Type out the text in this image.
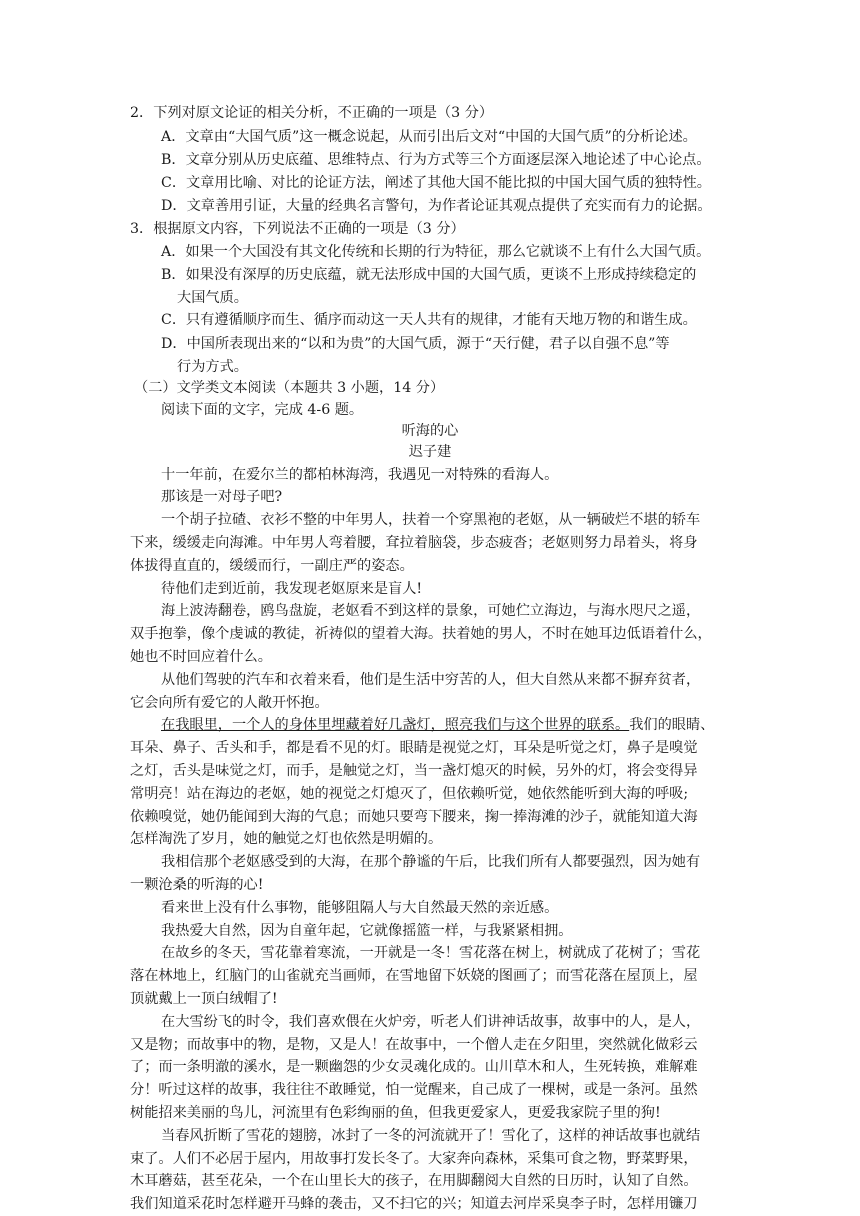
2．下列对原文论证的相关分析，不正确的一项是（3 分）
A．文章由“大国气质”这一概念说起，从而引出后文对“中国的大国气质”的分析论述。
B．文章分别从历史底蕴、思维特点、行为方式等三个方面逐层深入地论述了中心论点。
C．文章用比喻、对比的论证方法，阐述了其他大国不能比拟的中国大国气质的独特性。
D．文章善用引证，大量的经典名言警句，为作者论证其观点提供了充实而有力的论据。
3．根据原文内容，下列说法不正确的一项是（3 分）
A．如果一个大国没有其文化传统和长期的行为特征，那么它就谈不上有什么大国气质。
B．如果没有深厚的历史底蕴，就无法形成中国的大国气质，更谈不上形成持续稳定的
大国气质。
C．只有遵循顺序而生、循序而动这一天人共有的规律，才能有天地万物的和谐生成。
D．中国所表现出来的“以和为贵”的大国气质，源于“天行健，君子以自强不息”等
行为方式。
（二）文学类文本阅读（本题共 3 小题，14 分）
阅读下面的文字，完成 4-6 题。
听海的心
迟子建
十一年前，在爱尔兰的都柏林海湾，我遇见一对特殊的看海人。
那该是一对母子吧?
一个胡子拉碴、衣衫不整的中年男人，扶着一个穿黑袍的老妪，从一辆破烂不堪的轿车
下来，缓缓走向海滩。中年男人弯着腰，耷拉着脑袋，步态疲沓；老妪则努力昂着头，将身
体拔得直直的，缓缓而行，一副庄严的姿态。
待他们走到近前，我发现老妪原来是盲人!
海上波涛翻卷，鸥鸟盘旋，老妪看不到这样的景象，可她伫立海边，与海水咫尺之遥，
双手抱拳，像个虔诚的教徒，祈祷似的望着大海。扶着她的男人，不时在她耳边低语着什么，
她也不时回应着什么。
从他们驾驶的汽车和衣着来看，他们是生活中穷苦的人，但大自然从来都不摒弃贫者，
它会向所有爱它的人敞开怀抱。
在我眼里，一个人的身体里埋藏着好几盏灯，照亮我们与这个世界的联系。我们的眼睛、
耳朵、鼻子、舌头和手，都是看不见的灯。眼睛是视觉之灯，耳朵是听觉之灯，鼻子是嗅觉
之灯，舌头是味觉之灯，而手，是触觉之灯，当一盏灯熄灭的时候，另外的灯，将会变得异
常明亮！站在海边的老妪，她的视觉之灯熄灭了，但依赖听觉，她依然能听到大海的呼吸;
依赖嗅觉，她仍能闻到大海的气息；而她只要弯下腰来，掬一捧海滩的沙子，就能知道大海
怎样淘洗了岁月，她的触觉之灯也依然是明媚的。
我相信那个老妪感受到的大海，在那个静谧的午后，比我们所有人都要强烈，因为她有
一颗沧桑的听海的心!
看来世上没有什么事物，能够阻隔人与大自然最天然的亲近感。
我热爱大自然，因为自童年起，它就像摇篮一样，与我紧紧相拥。
在故乡的冬天，雪花靠着寒流，一开就是一冬！雪花落在树上，树就成了花树了；雪花
落在林地上，红脑门的山雀就充当画师，在雪地留下妖娆的图画了；而雪花落在屋顶上，屋
顶就戴上一顶白绒帽了!
在大雪纷飞的时令，我们喜欢偎在火炉旁，听老人们讲神话故事，故事中的人，是人，
又是物；而故事中的物，是物，又是人！在故事中，一个僧人走在夕阳里，突然就化做彩云
了；而一条明澈的溪水，是一颗幽怨的少女灵魂化成的。山川草木和人，生死转换，难解难
分！听过这样的故事，我往往不敢睡觉，怕一觉醒来，自己成了一棵树，或是一条河。虽然
树能招来美丽的鸟儿，河流里有色彩绚丽的鱼，但我更爱家人，更爱我家院子里的狗!
当春风折断了雪花的翅膀，冰封了一冬的河流就开了！雪化了，这样的神话故事也就结
束了。人们不必居于屋内，用故事打发长冬了。大家奔向森林，采集可食之物，野菜野果，
木耳蘑菇，甚至花朵，一个在山里长大的孩子，在用脚翻阅大自然的日历时，认知了自然。
我们知道采花时怎样避开马蜂的袭击，又不扫它的兴；知道去河岸采臭李子时，怎样用镰刀
